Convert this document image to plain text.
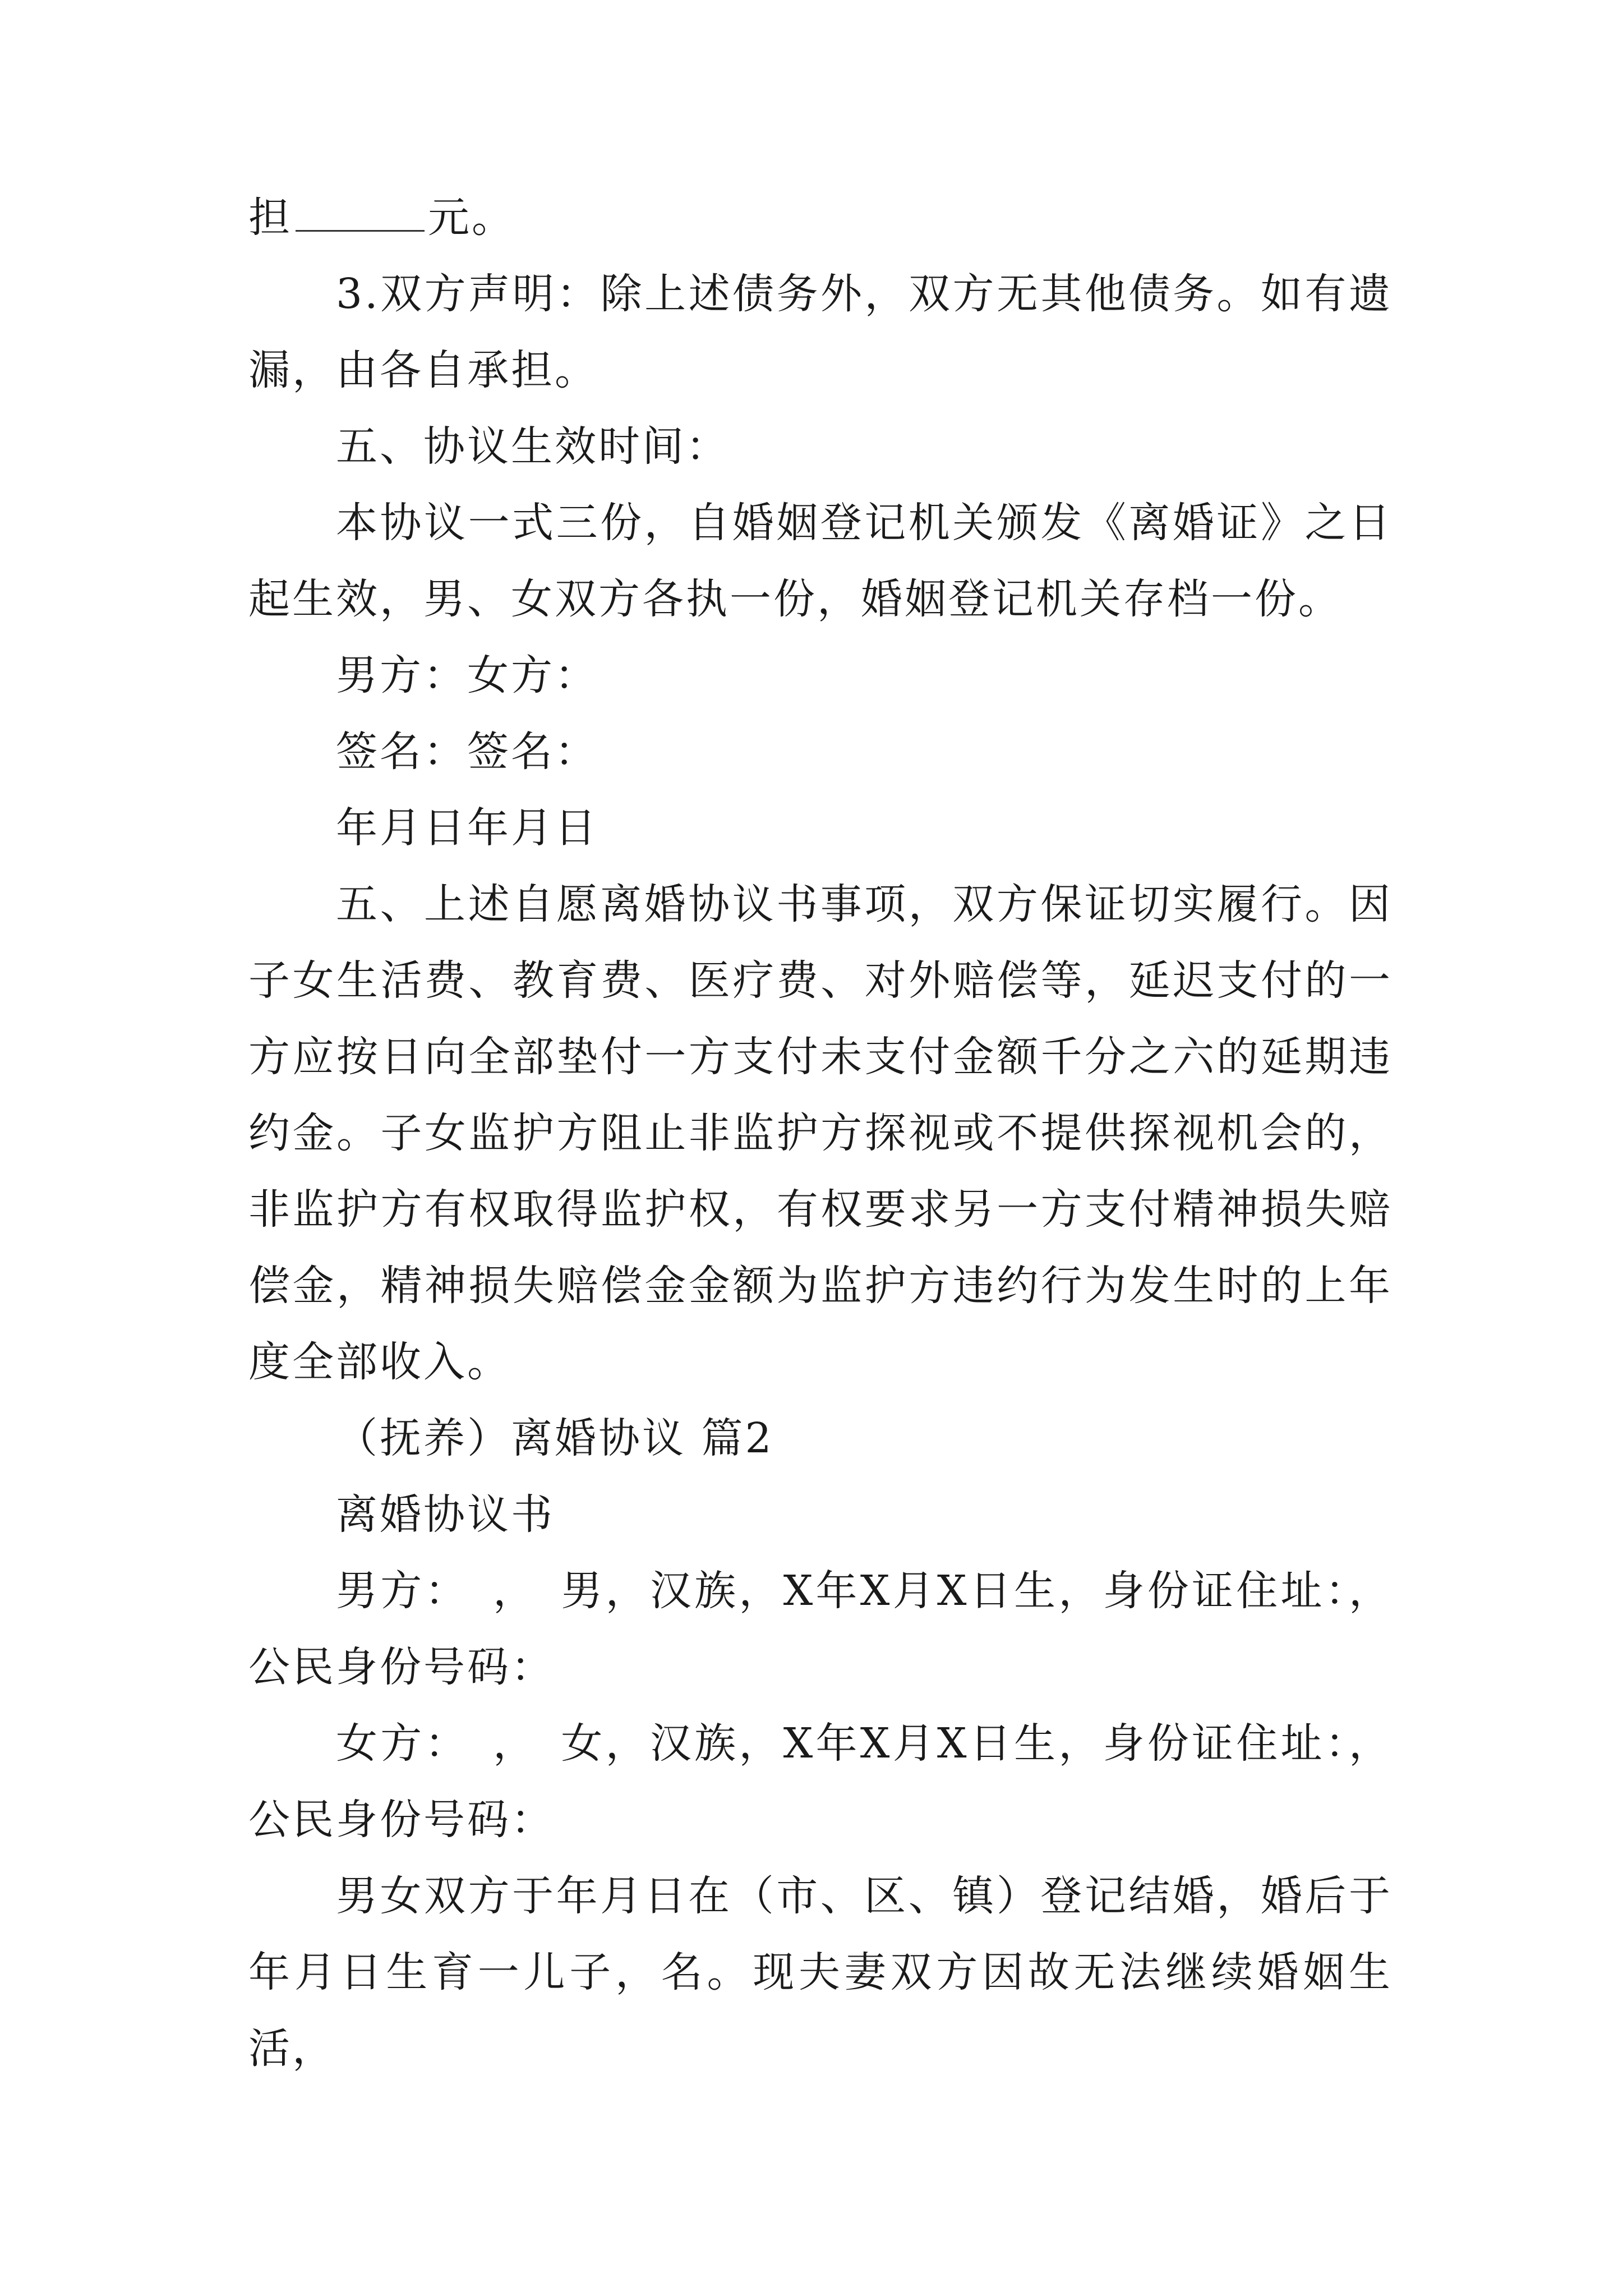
担	元。

3.双方声明：除上述债务外，双方无其他债务。如有遗漏，由各自承担。

五、协议生效时间：

本协议一式三份，自婚姻登记机关颁发《离婚证》之日起生效，男、女双方各执一份，婚姻登记机关存档一份。

男方：女方：

签名：签名：

年月日年月日

五、上述自愿离婚协议书事项，双方保证切实履行。因子女生活费、教育费、医疗费、对外赔偿等，延迟支付的一方应按日向全部垫付一方支付未支付金额千分之六的延期违约金。子女监护方阻止非监护方探视或不提供探视机会的，非监护方有权取得监护权，有权要求另一方支付精神损失赔偿金，精神损失赔偿金金额为监护方违约行为发生时的上年度全部收入。

（抚养）离婚协议 篇2

离婚协议书

男方：　，　男，汉族，X年X月X日生，身份证住址：，公民身份号码：

女方：　，　女，汉族，X年X月X日生，身份证住址：，公民身份号码：

男女双方于年月日在（市、区、镇）登记结婚，婚后于年月日生育一儿子，名。现夫妻双方因故无法继续婚姻生活，
